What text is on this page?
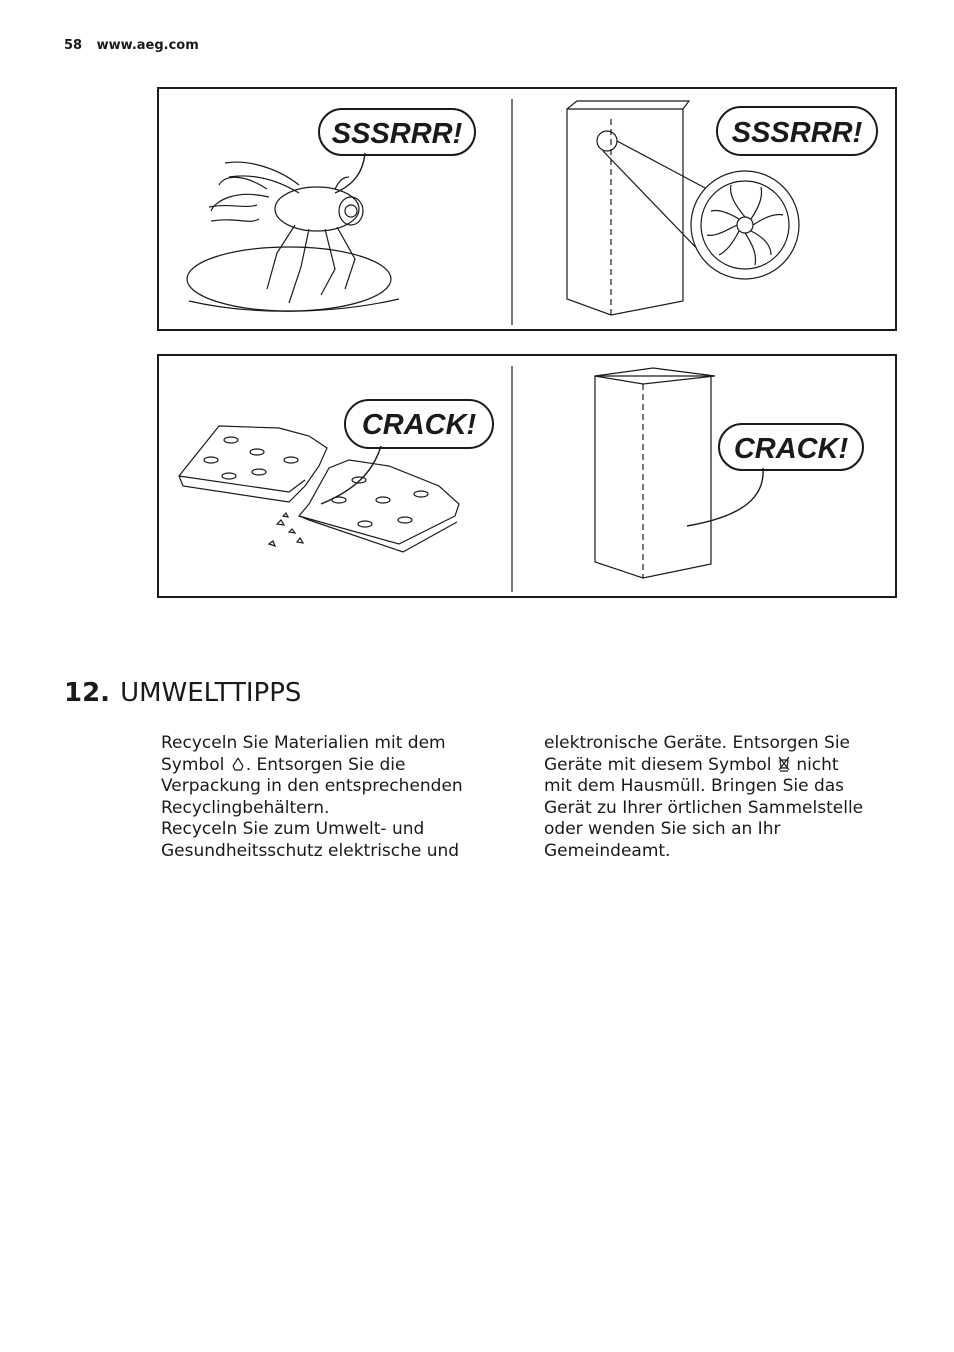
58 www.aeg.com
SSSRRR!	SSSRRR!
CRACK!
CRACK!
12. UMWELTTIPPS

Recyceln Sie Materialien mit dem

Symbol . Entsorgen Sie die

Verpackung in den entsprechenden

Recyclingbehältern.

Recyceln Sie zum Umwelt- und

Gesundheitsschutz elektrische und

elektronische Geräte. Entsorgen Sie

Geräte mit diesem Symbol nicht

mit dem Hausmüll. Bringen Sie das

Gerät zu Ihrer örtlichen Sammelstelle

oder wenden Sie sich an Ihr

Gemeindeamt.
